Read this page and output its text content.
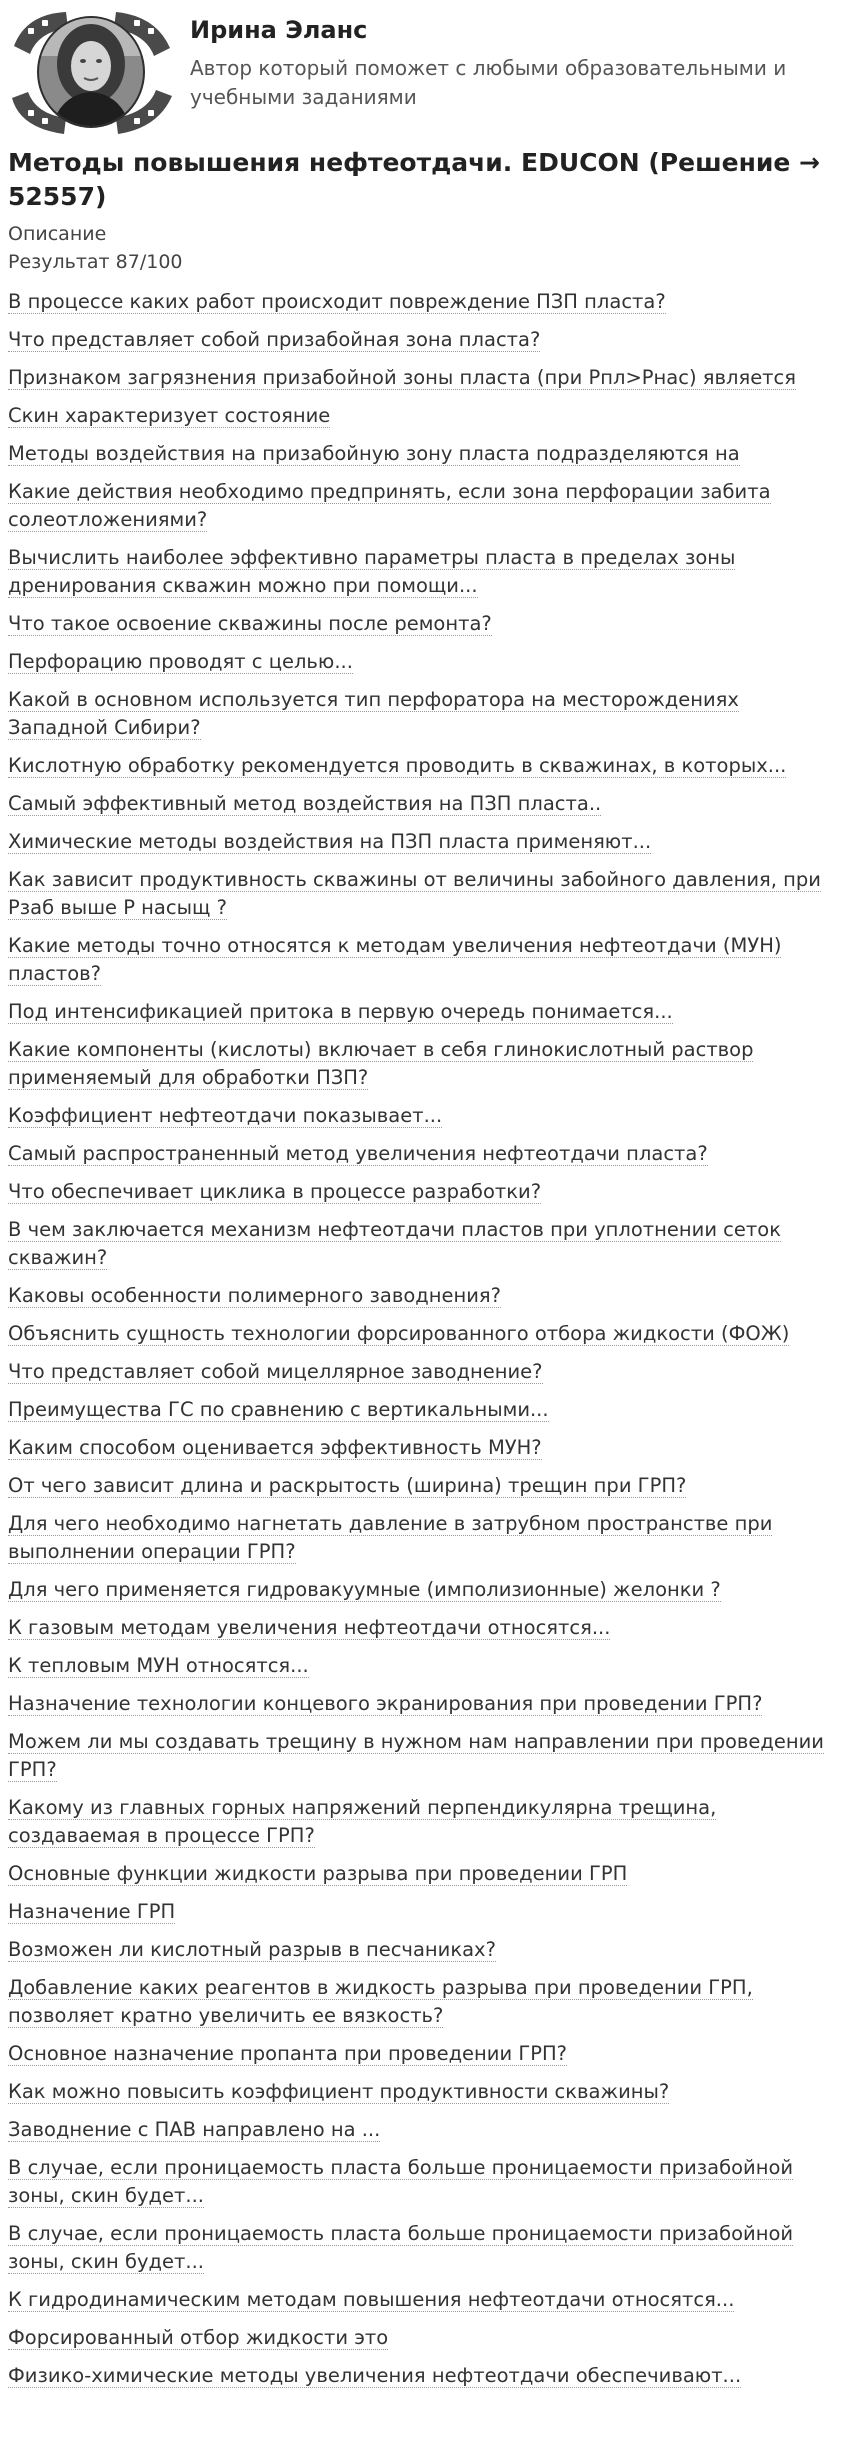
Ирина Эланс
Автор который поможет с любыми образовательными и учебными заданиями
Методы повышения нефтеотдачи. EDUCON (Решение → 52557)
Описание
Результат 87/100
В процессе каких работ происходит повреждение ПЗП пласта?
Что представляет собой призабойная зона пласта?
Признаком загрязнения призабойной зоны пласта (при Рпл>Рнас) является
Скин характеризует состояние
Методы воздействия на призабойную зону пласта подразделяются на
Какие действия необходимо предпринять, если зона перфорации забита солеотложениями?
Вычислить наиболее эффективно параметры пласта в пределах зоны дренирования скважин можно при помощи...
Что такое освоение скважины после ремонта?
Перфорацию проводят с целью...
Какой в основном используется тип перфоратора на месторождениях Западной Сибири?
Кислотную обработку рекомендуется проводить в скважинах, в которых...
Самый эффективный метод воздействия на ПЗП пласта..
Химические методы воздействия на ПЗП пласта применяют...
Как зависит продуктивность скважины от величины забойного давления, при Рзаб выше Р насыщ ?
Какие методы точно относятся к методам увеличения нефтеотдачи (МУН) пластов?
Под интенсификацией притока в первую очередь понимается...
Какие компоненты (кислоты) включает в себя глинокислотный раствор применяемый для обработки ПЗП?
Коэффициент нефтеотдачи показывает...
Самый распространенный метод увеличения нефтеотдачи пласта?
Что обеспечивает циклика в процессе разработки?
В чем заключается механизм нефтеотдачи пластов при уплотнении сеток скважин?
Каковы особенности полимерного заводнения?
Объяснить сущность технологии форсированного отбора жидкости (ФОЖ)
Что представляет собой мицеллярное заводнение?
Преимущества ГС по сравнению с вертикальными...
Каким способом оценивается эффективность МУН?
От чего зависит длина и раскрытость (ширина) трещин при ГРП?
Для чего необходимо нагнетать давление в затрубном пространстве при выполнении операции ГРП?
Для чего применяется гидровакуумные (имполизионные) желонки ?
К газовым методам увеличения нефтеотдачи относятся...
К тепловым МУН относятся...
Назначение технологии концевого экранирования при проведении ГРП?
Можем ли мы создавать трещину в нужном нам направлении при проведении ГРП?
Какому из главных горных напряжений перпендикулярна трещина, создаваемая в процессе ГРП?
Основные функции жидкости разрыва при проведении ГРП
Назначение ГРП
Возможен ли кислотный разрыв в песчаниках?
Добавление каких реагентов в жидкость разрыва при проведении ГРП, позволяет кратно увеличить ее вязкость?
Основное назначение пропанта при проведении ГРП?
Как можно повысить коэффициент продуктивности скважины?
Заводнение с ПАВ направлено на ...
В случае, если проницаемость пласта больше проницаемости призабойной зоны, скин будет...
В случае, если проницаемость пласта больше проницаемости призабойной зоны, скин будет...
К гидродинамическим методам повышения нефтеотдачи относятся...
Форсированный отбор жидкости это
Физико-химические методы увеличения нефтеотдачи обеспечивают...
